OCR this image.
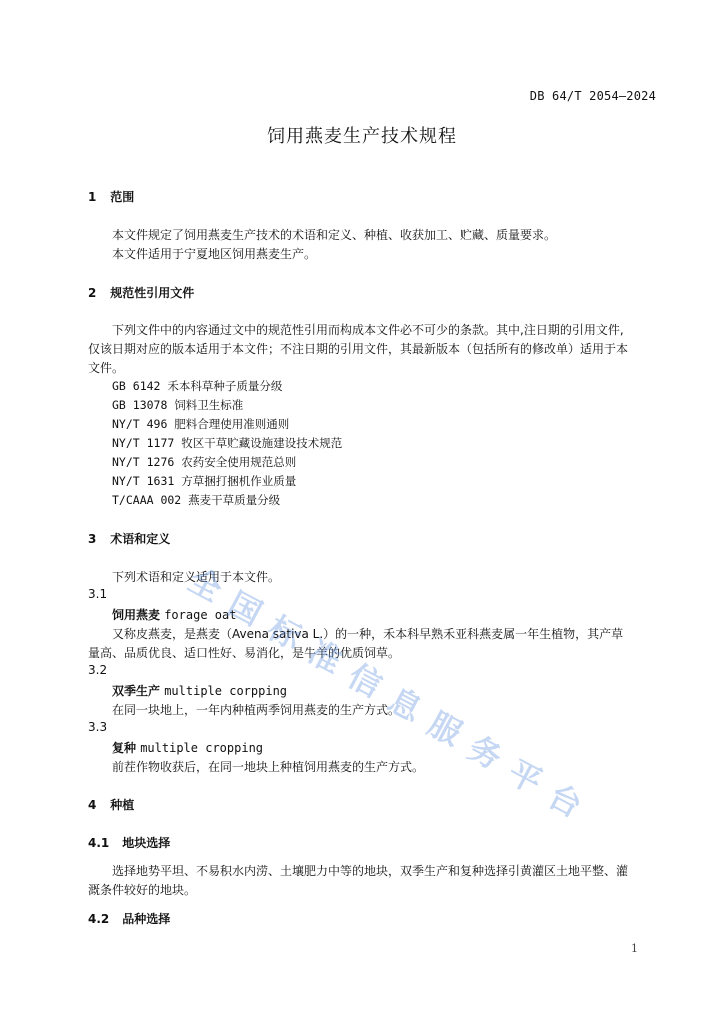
DB 64/T 2054—2024
饲用燕麦生产技术规程
1 范围
本文件规定了饲用燕麦生产技术的术语和定义、种植、收获加工、贮藏、质量要求。
本文件适用于宁夏地区饲用燕麦生产。
2 规范性引用文件
下列文件中的内容通过文中的规范性引用而构成本文件必不可少的条款。其中,注日期的引用文件,
仅该日期对应的版本适用于本文件；不注日期的引用文件，其最新版本（包括所有的修改单）适用于本
文件。
GB 6142 禾本科草种子质量分级
GB 13078 饲料卫生标准
NY/T 496 肥料合理使用准则通则
NY/T 1177 牧区干草贮藏设施建设技术规范
NY/T 1276 农药安全使用规范总则
NY/T 1631 方草捆打捆机作业质量
T/CAAA 002 燕麦干草质量分级
3 术语和定义
下列术语和定义适用于本文件。
3.1
饲用燕麦 forage oat
又称皮燕麦，是燕麦（Avena sativa L.）的一种，禾本科早熟禾亚科燕麦属一年生植物，其产草
量高、品质优良、适口性好、易消化，是牛羊的优质饲草。
3.2
双季生产 multiple corpping
在同一块地上，一年内种植两季饲用燕麦的生产方式。
3.3
复种 multiple cropping
前茬作物收获后，在同一地块上种植饲用燕麦的生产方式。
4 种植
4.1 地块选择
选择地势平坦、不易积水内涝、土壤肥力中等的地块，双季生产和复种选择引黄灌区土地平整、灌
溉条件较好的地块。
4.2 品种选择
1
全
国
标
准
信
息
服
务
平
台
